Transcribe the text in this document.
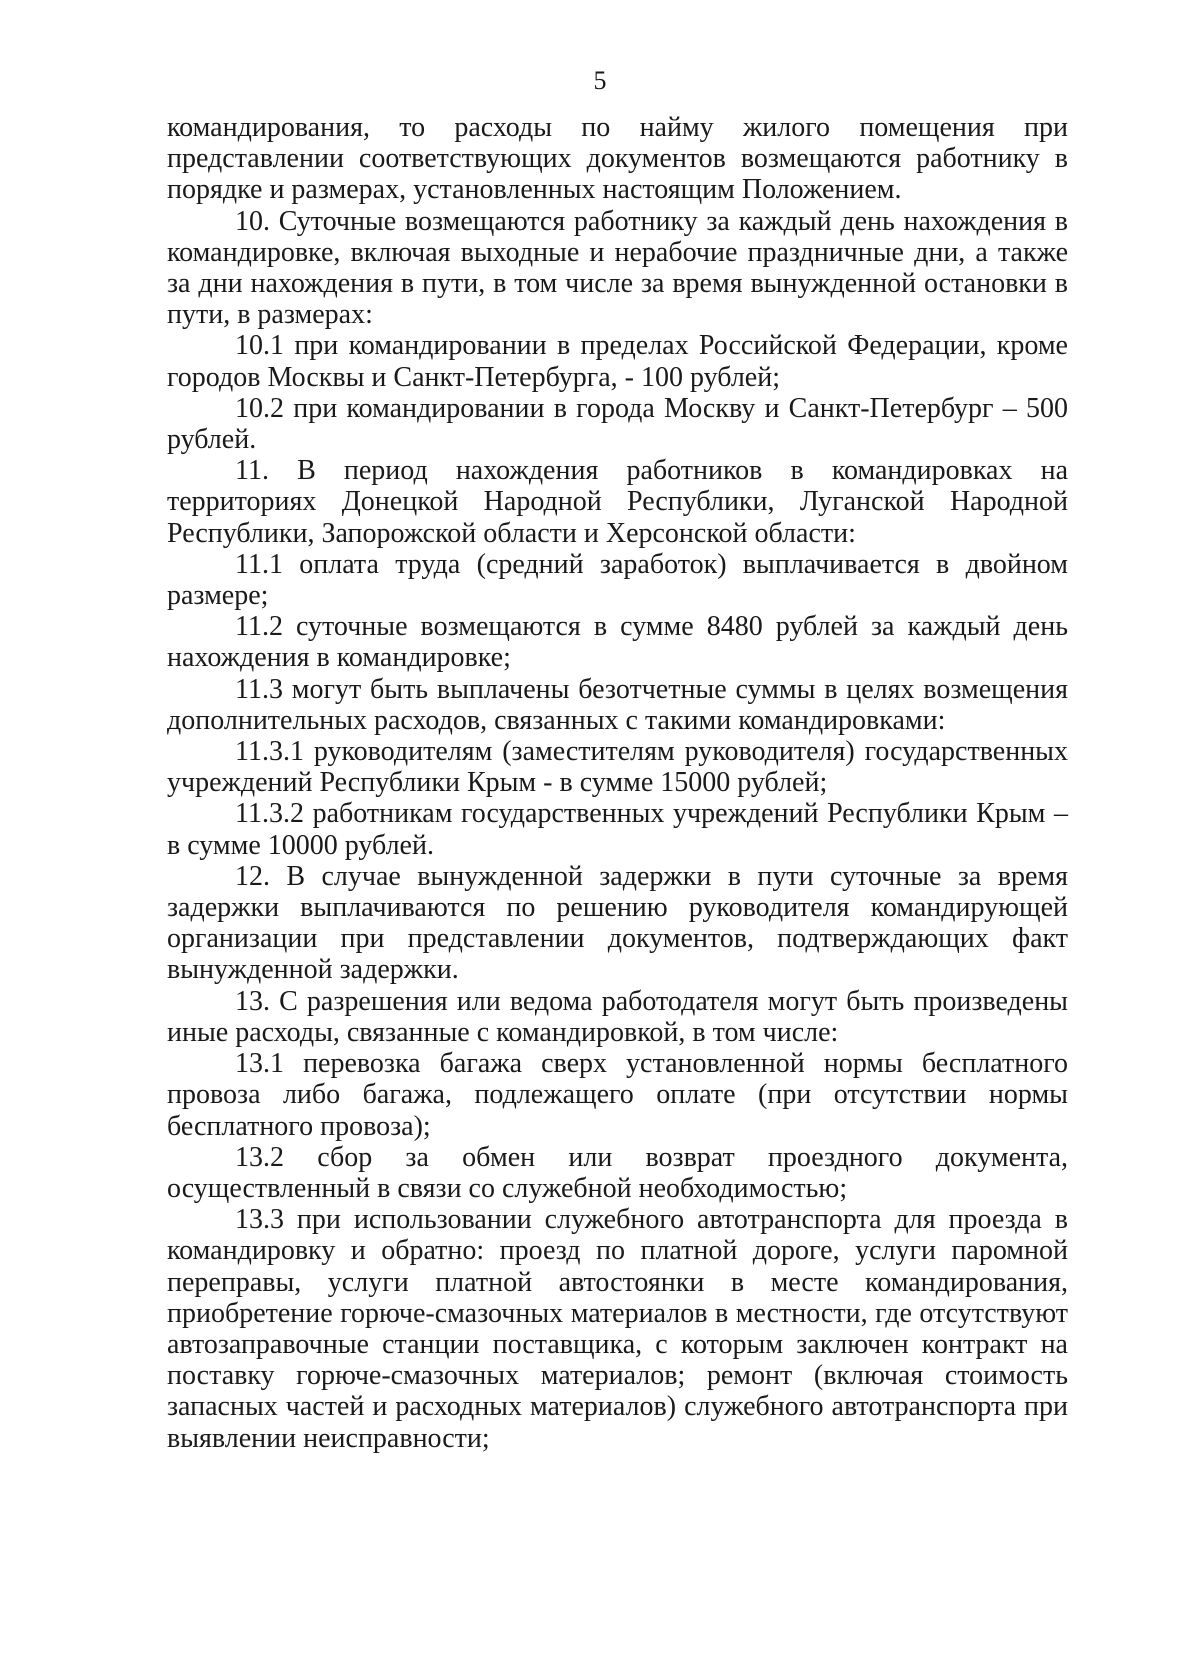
5

командирования, то расходы по найму жилого помещения при представлении соответствующих документов возмещаются работнику в порядке и размерах, установленных настоящим Положением.

10. Суточные возмещаются работнику за каждый день нахождения в командировке, включая выходные и нерабочие праздничные дни, а также за дни нахождения в пути, в том числе за время вынужденной остановки в пути, в размерах:

10.1 при командировании в пределах Российской Федерации, кроме городов Москвы и Санкт-Петербурга, - 100 рублей;

10.2 при командировании в города Москву и Санкт-Петербург – 500 рублей.

11. В период нахождения работников в командировках на территориях Донецкой Народной Республики, Луганской Народной Республики, Запорожской области и Херсонской области:

11.1 оплата труда (средний заработок) выплачивается в двойном размере;

11.2 суточные возмещаются в сумме 8480 рублей за каждый день нахождения в командировке;

11.3 могут быть выплачены безотчетные суммы в целях возмещения дополнительных расходов, связанных с такими командировками:

11.3.1 руководителям (заместителям руководителя) государственных учреждений Республики Крым - в сумме 15000 рублей;

11.3.2 работникам государственных учреждений Республики Крым – в сумме 10000 рублей.

12. В случае вынужденной задержки в пути суточные за время задержки выплачиваются по решению руководителя командирующей организации при представлении документов, подтверждающих факт вынужденной задержки.

13. С разрешения или ведома работодателя могут быть произведены иные расходы, связанные с командировкой, в том числе:

13.1 перевозка багажа сверх установленной нормы бесплатного провоза либо багажа, подлежащего оплате (при отсутствии нормы бесплатного провоза);

13.2 сбор за обмен или возврат проездного документа, осуществленный в связи со служебной необходимостью;

13.3 при использовании служебного автотранспорта для проезда в командировку и обратно: проезд по платной дороге, услуги паромной переправы, услуги платной автостоянки в месте командирования, приобретение горюче-смазочных материалов в местности, где отсутствуют автозаправочные станции поставщика, с которым заключен контракт на поставку горюче-смазочных материалов; ремонт (включая стоимость запасных частей и расходных материалов) служебного автотранспорта при выявлении неисправности;
